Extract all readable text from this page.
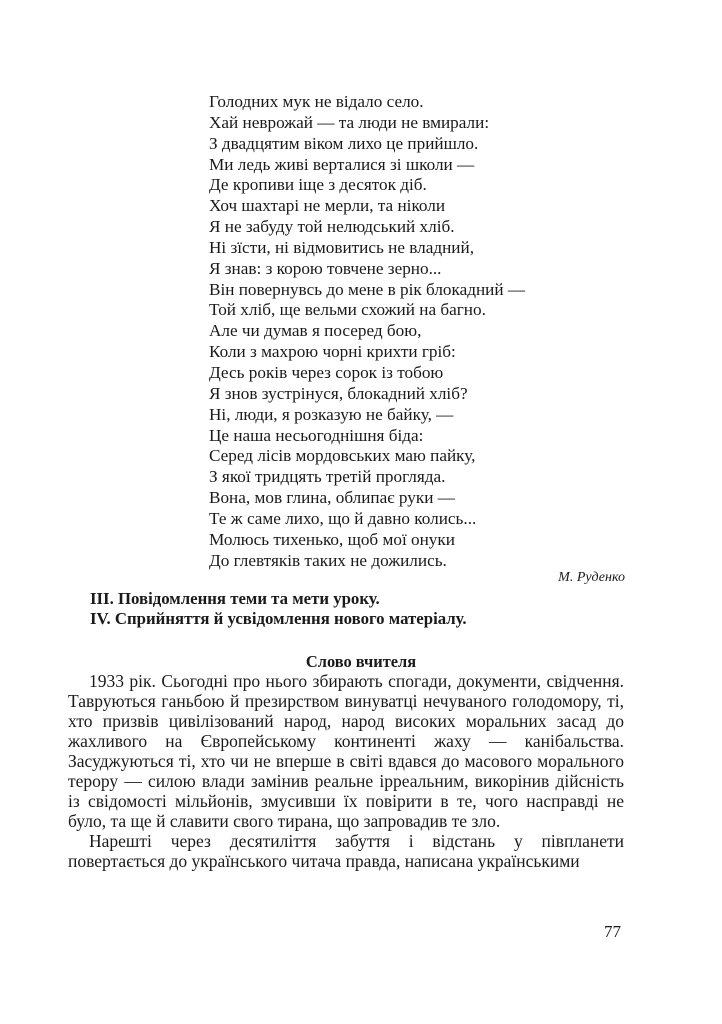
Голодних мук не відало село.
Хай неврожай — та люди не вмирали:
З двадцятим віком лихо це прийшло.
Ми ледь живі верталися зі школи —
Де кропиви іще з десяток діб.
Хоч шахтарі не мерли, та ніколи
Я не забуду той нелюдський хліб.
Ні зїсти, ні відмовитись не владний,
Я знав: з корою товчене зерно...
Він повернувсь до мене в рік блокадний —
Той хліб, ще вельми схожий на багно.
Але чи думав я посеред бою,
Коли з махрою чорні крихти гріб:
Десь років через сорок із тобою
Я знов зустрінуся, блокадний хліб?
Ні, люди, я розказую не байку, —
Це наша несьогоднішня біда:
Серед лісів мордовських маю пайку,
З якої тридцять третій проглядa.
Вона, мов глина, облипає руки —
Те ж саме лихо, що й давно колись...
Молюсь тихенько, щоб мої онуки
До глевтяків таких не дожились.
М. Руденко
III. Повідомлення теми та мети уроку.
IV. Сприйняття й усвідомлення нового матеріалу.
Слово вчителя

1933 рік. Сьогодні про нього збирають спогади, документи, свідчення. Тавруються ганьбою й презирством винуватці нечуваного голодомору, ті, хто призвів цивілізований народ, народ високих моральних засад до жахливого на Європейському континенті жаху — канібальства. Засуджуються ті, хто чи не вперше в світі вдався до масового морального терору — силою влади замінив реальне ірреальним, викорінив дійсність із свідомості мільйонів, змусивши їх повірити в те, чого насправді не було, та ще й славити свого тирана, що запровадив те зло.

Нарешті через десятиліття забуття і відстань у півпланети повертається до українського читача правда, написана українськими

77
